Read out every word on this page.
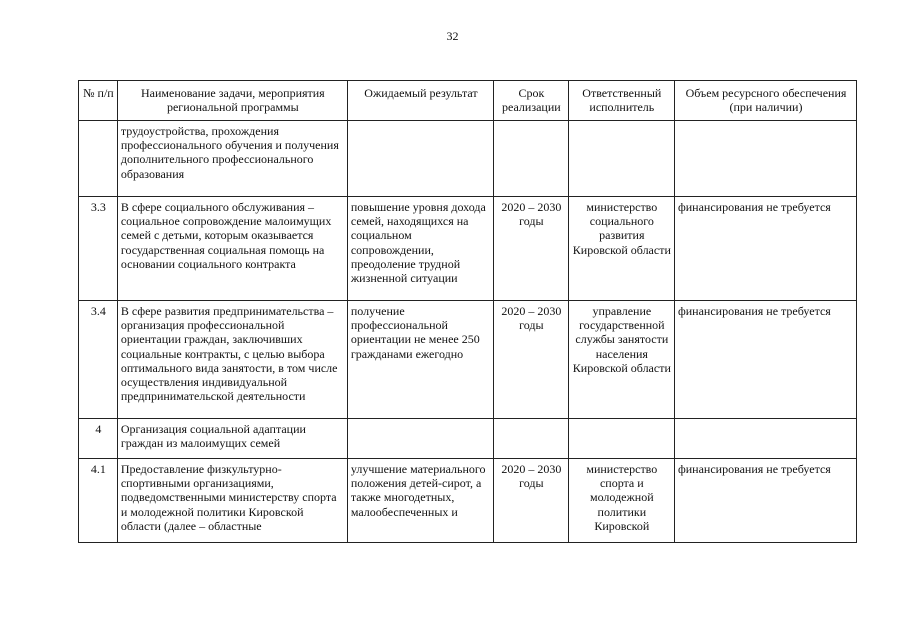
32
№ п/п	Наименование задачи, мероприятия региональной программы	Ожидаемый результат	Срок реализации	Ответственный исполнитель	Объем ресурсного обеспечения (при наличии)
	трудоустройства, прохождения профессионального обучения и получения дополнительного профессионального образования				
3.3	В сфере социального обслуживания – социальное сопровождение малоимущих семей с детьми, которым оказывается государственная социальная помощь на основании социального контракта	повышение уровня дохода семей, находящихся на социальном сопровождении, преодоление трудной жизненной ситуации	2020 – 2030 годы	министерство социального развития Кировской области	финансирования не требуется
3.4	В сфере развития предпринимательства – организация профессиональной ориентации граждан, заключивших социальные контракты, с целью выбора оптимального вида занятости, в том числе осуществления индивидуальной предпринимательской деятельности	получение профессиональной ориентации не менее 250 гражданами ежегодно	2020 – 2030 годы	управление государственной службы занятости населения Кировской области	финансирования не требуется
4	Организация социальной адаптации граждан из малоимущих семей				
4.1	Предоставление физкультурно-спортивными организациями, подведомственными министерству спорта и молодежной политики Кировской области (далее – областные	улучшение материального положения детей-сирот, а также многодетных, малообеспеченных и	2020 – 2030 годы	министерство спорта и молодежной политики Кировской	финансирования не требуется
